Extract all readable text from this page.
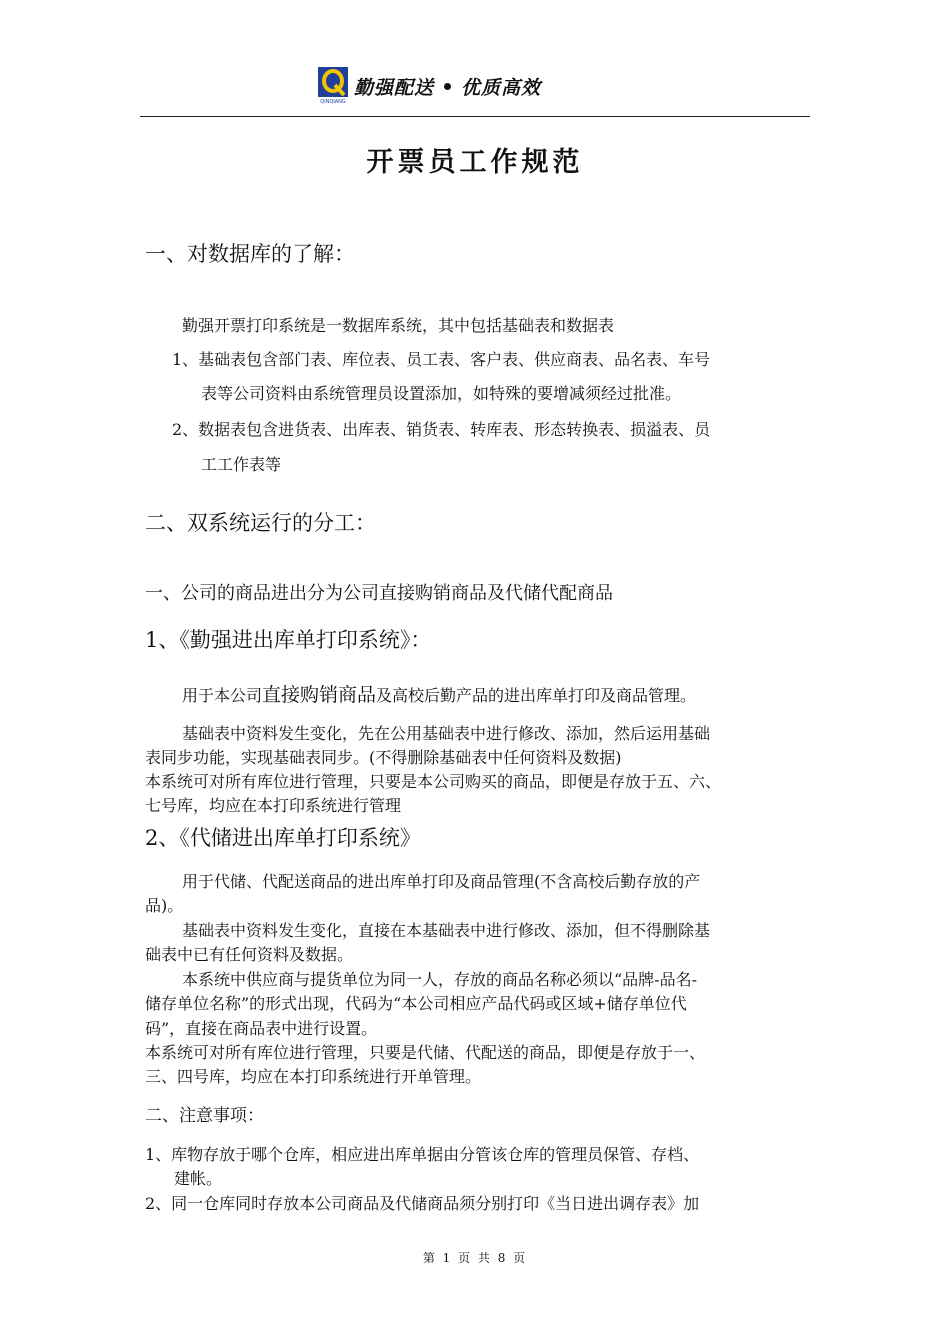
QINQIANG
勤强配送 优质高效
开票员工作规范
一、对数据库的了解：
勤强开票打印系统是一数据库系统，其中包括基础表和数据表
1、基础表包含部门表、库位表、员工表、客户表、供应商表、品名表、车号
表等公司资料由系统管理员设置添加，如特殊的要增减须经过批准。
2、数据表包含进货表、出库表、销货表、转库表、形态转换表、损溢表、员
工工作表等
二、双系统运行的分工：
一、公司的商品进出分为公司直接购销商品及代储代配商品
1、《勤强进出库单打印系统》：
用于本公司直接购销商品及高校后勤产品的进出库单打印及商品管理。
基础表中资料发生变化，先在公用基础表中进行修改、添加，然后运用基础
表同步功能，实现基础表同步。(不得删除基础表中任何资料及数据)
本系统可对所有库位进行管理，只要是本公司购买的商品，即便是存放于五、六、
七号库，均应在本打印系统进行管理
2、《代储进出库单打印系统》
用于代储、代配送商品的进出库单打印及商品管理(不含高校后勤存放的产
品)。
基础表中资料发生变化，直接在本基础表中进行修改、添加，但不得删除基
础表中已有任何资料及数据。
本系统中供应商与提货单位为同一人，存放的商品名称必须以“品牌-品名-
储存单位名称”的形式出现，代码为“本公司相应产品代码或区域+储存单位代
码”，直接在商品表中进行设置。
本系统可对所有库位进行管理，只要是代储、代配送的商品，即便是存放于一、
三、四号库，均应在本打印系统进行开单管理。
二、注意事项：
1、库物存放于哪个仓库，相应进出库单据由分管该仓库的管理员保管、存档、
建帐。
2、同一仓库同时存放本公司商品及代储商品须分别打印《当日进出调存表》加
第 1 页 共 8 页
